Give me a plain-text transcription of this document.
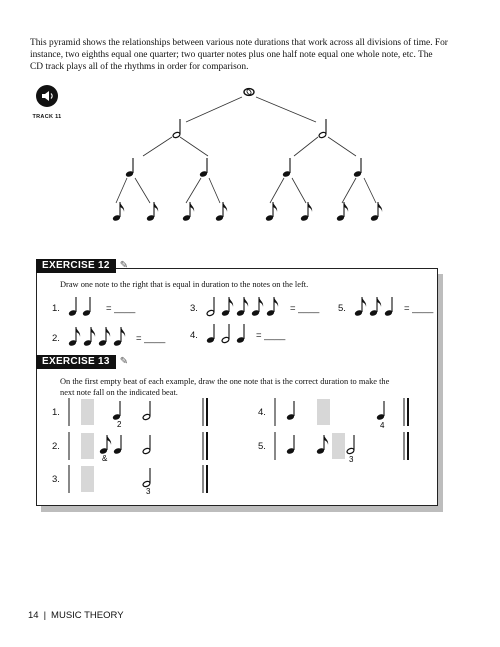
This pyramid shows the relationships between various note durations that work across all divisions of time. For
instance, two eighths equal one quarter; two quarter notes plus one half note equal one whole note, etc. The
CD track plays all of the rhythms in order for comparison.
TRACK 11
EXERCISE 12	✎
Draw one note to the right that is equal in duration to the notes on the left.
1.	= ____	3.	= ____ 5.	= ____
2.	= ____	4.	= ____
EXERCISE 13	✎
On the first empty beat of each example, draw the one note that is the correct duration to make the
next note fall on the indicated beat.
1.
2
4.
4
2.
&
5.
3
3.
3
14 | MUSIC THEORY
